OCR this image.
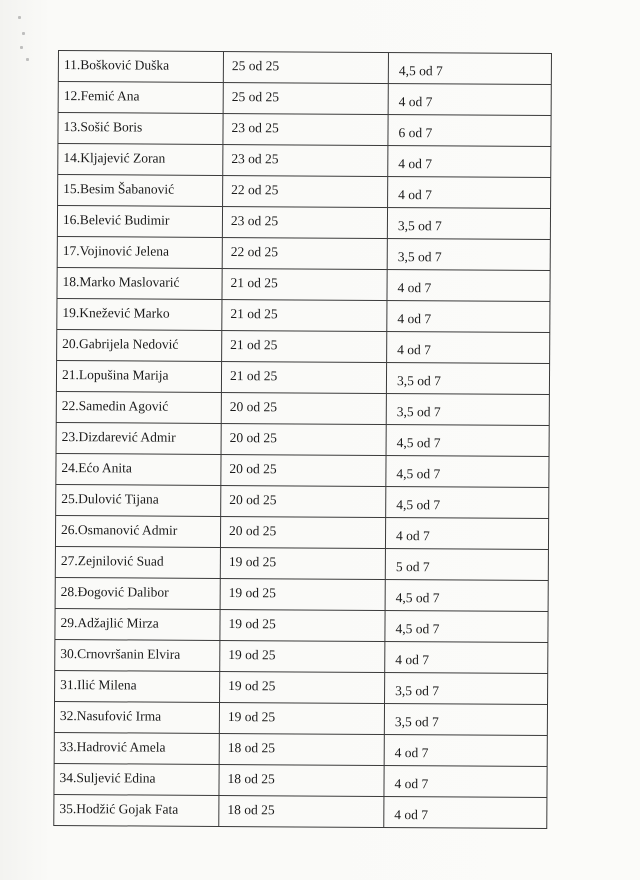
11.Bošković Duška	25 od 25	4,5 od 7
12.Femić Ana	25 od 25	4 od 7
13.Sošić Boris	23 od 25	6 od 7
14.Kljajević Zoran	23 od 25	4 od 7
15.Besim Šabanović	22 od 25	4 od 7
16.Belević Budimir	23 od 25	3,5 od 7
17.Vojinović Jelena	22 od 25	3,5 od 7
18.Marko Maslovarić	21 od 25	4 od 7
19.Knežević Marko	21 od 25	4 od 7
20.Gabrijela Nedović	21 od 25	4 od 7
21.Lopušina Marija	21 od 25	3,5 od 7
22.Samedin Agović	20 od 25	3,5 od 7
23.Dizdarević Admir	20 od 25	4,5 od 7
24.Ećo Anita	20 od 25	4,5 od 7
25.Dulović Tijana	20 od 25	4,5 od 7
26.Osmanović Admir	20 od 25	4 od 7
27.Zejnilović Suad	19 od 25	5 od 7
28.Đogović Dalibor	19 od 25	4,5 od 7
29.Adžajlić Mirza	19 od 25	4,5 od 7
30.Crnovršanin Elvira	19 od 25	4 od 7
31.Ilić Milena	19 od 25	3,5 od 7
32.Nasufović Irma	19 od 25	3,5 od 7
33.Hadrović Amela	18 od 25	4 od 7
34.Suljević Edina	18 od 25	4 od 7
35.Hodžić Gojak Fata	18 od 25	4 od 7
